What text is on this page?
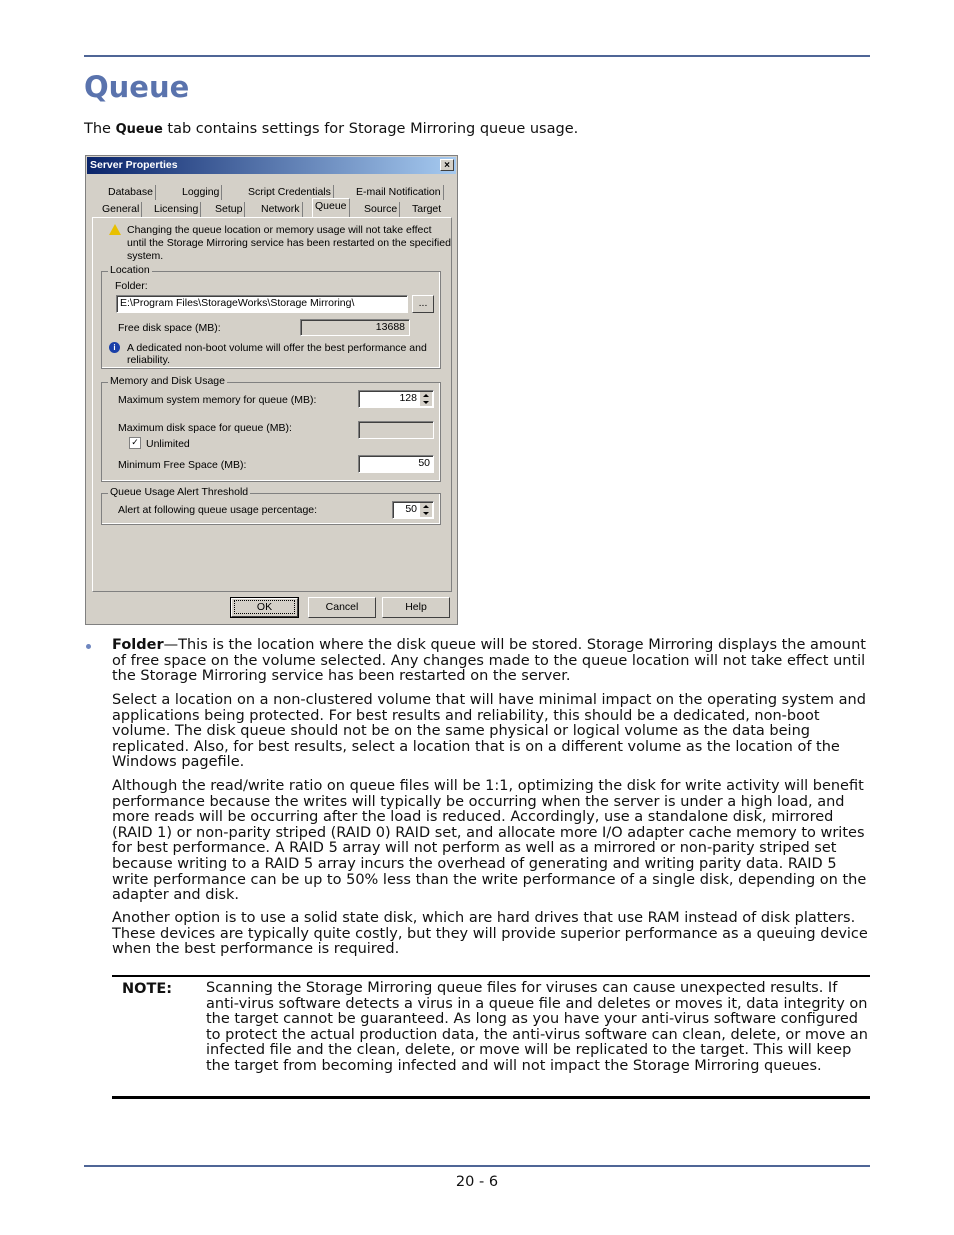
Queue

The Queue tab contains settings for Storage Mirroring queue usage.

Server Properties	×
Database	Logging	Script Credentials E-mail Notification
General Licensing Setup Network Queue Source Target
Changing the queue location or memory usage will not take effect
until the Storage Mirroring service has been restarted on the specified
system.
Location
Folder:
E:\Program Files\StorageWorks\Storage Mirroring\	...
Free disk space (MB):	13688
i	A dedicated non-boot volume will offer the best performance and
reliability.
Memory and Disk Usage
Maximum system memory for queue (MB):	128
Maximum disk space for queue (MB):
✓ Unlimited
Minimum Free Space (MB):	50
Queue Usage Alert Threshold
Alert at following queue usage percentage:	50
OK	Cancel	Help

Folder—This is the location where the disk queue will be stored. Storage Mirroring displays the amount of free space on the volume selected. Any changes made to the queue location will not take effect until the Storage Mirroring service has been restarted on the server.

Select a location on a non-clustered volume that will have minimal impact on the operating system and applications being protected. For best results and reliability, this should be a dedicated, non-boot volume. The disk queue should not be on the same physical or logical volume as the data being replicated. Also, for best results, select a location that is on a different volume as the location of the Windows pagefile.

Although the read/write ratio on queue files will be 1:1, optimizing the disk for write activity will benefit performance because the writes will typically be occurring when the server is under a high load, and more reads will be occurring after the load is reduced. Accordingly, use a standalone disk, mirrored (RAID 1) or non-parity striped (RAID 0) RAID set, and allocate more I/O adapter cache memory to writes for best performance. A RAID 5 array will not perform as well as a mirrored or non-parity striped set because writing to a RAID 5 array incurs the overhead of generating and writing parity data. RAID 5 write performance can be up to 50% less than the write performance of a single disk, depending on the adapter and disk.

Another option is to use a solid state disk, which are hard drives that use RAM instead of disk platters. These devices are typically quite costly, but they will provide superior performance as a queuing device when the best performance is required.

NOTE: Scanning the Storage Mirroring queue files for viruses can cause unexpected results. If anti-virus software detects a virus in a queue file and deletes or moves it, data integrity on the target cannot be guaranteed. As long as you have your anti-virus software configured to protect the actual production data, the anti-virus software can clean, delete, or move an infected file and the clean, delete, or move will be replicated to the target. This will keep the target from becoming infected and will not impact the Storage Mirroring queues.

20 - 6
